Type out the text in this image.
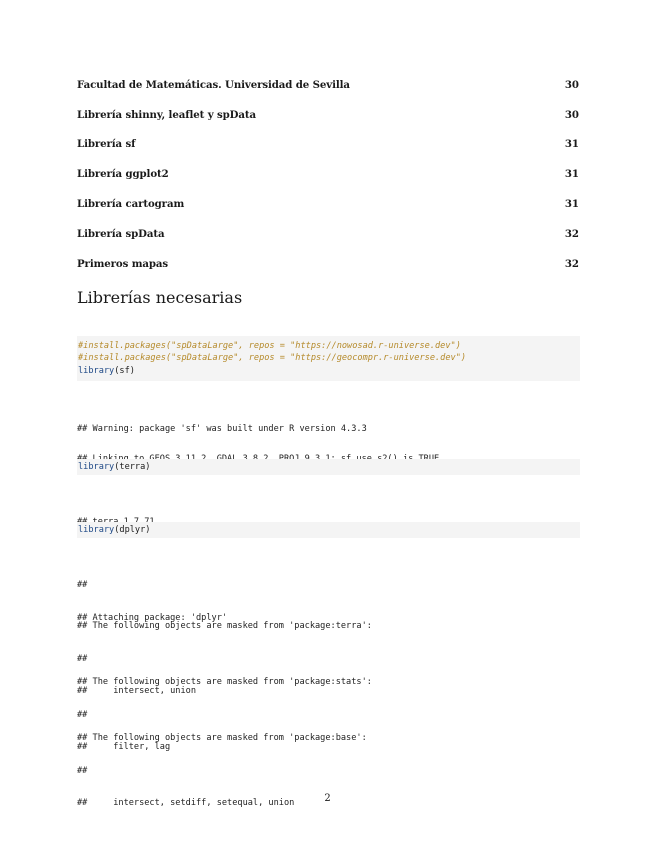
Facultad de Matemáticas. Universidad de Sevilla	30
Librería shinny, leaflet y spData	30
Librería sf	31
Librería ggplot2	31
Librería cartogram	31
Librería spData	32
Primeros mapas	32
Librerías necesarias
#install.packages("spDataLarge", repos = "https://nowosad.r-universe.dev")
#install.packages("spDataLarge", repos = "https://geocompr.r-universe.dev")
library(sf)

## Warning: package 'sf' was built under R version 4.3.3

library(terra)

library(dplyr)

##

## Attaching package: 'dplyr'

## The following objects are masked from 'package:terra':

##

##     intersect, union

## The following objects are masked from 'package:stats':

##

##     filter, lag

## The following objects are masked from 'package:base':

##

##     intersect, setdiff, setequal, union

	2
